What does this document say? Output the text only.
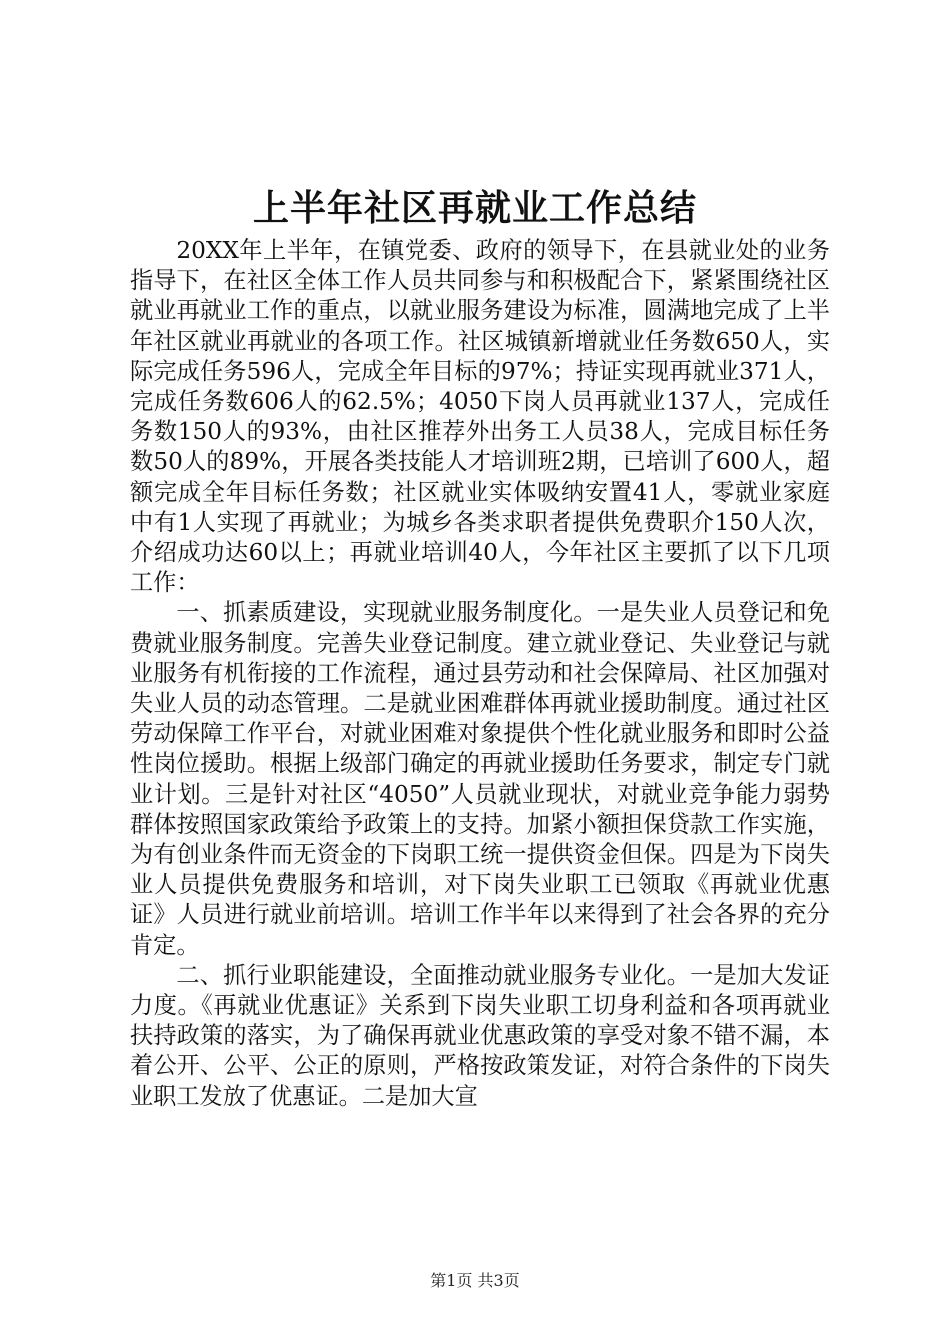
上半年社区再就业工作总结

20XX年上半年，在镇党委、政府的领导下，在县就业处的业务指导下，在社区全体工作人员共同参与和积极配合下，紧紧围绕社区就业再就业工作的重点，以就业服务建设为标准，圆满地完成了上半年社区就业再就业的各项工作。社区城镇新增就业任务数650人，实际完成任务596人，完成全年目标的97%；持证实现再就业371人，完成任务数606人的62.5%；4050下岗人员再就业137人，完成任务数150人的93%，由社区推荐外出务工人员38人，完成目标任务数50人的89%，开展各类技能人才培训班2期，已培训了600人，超额完成全年目标任务数；社区就业实体吸纳安置41人，零就业家庭中有1人实现了再就业；为城乡各类求职者提供免费职介150人次，介绍成功达60以上；再就业培训40人，今年社区主要抓了以下几项工作：

一、抓素质建设，实现就业服务制度化。一是失业人员登记和免费就业服务制度。完善失业登记制度。建立就业登记、失业登记与就业服务有机衔接的工作流程，通过县劳动和社会保障局、社区加强对失业人员的动态管理。二是就业困难群体再就业援助制度。通过社区劳动保障工作平台，对就业困难对象提供个性化就业服务和即时公益性岗位援助。根据上级部门确定的再就业援助任务要求，制定专门就业计划。三是针对社区“4050”人员就业现状，对就业竞争能力弱势群体按照国家政策给予政策上的支持。加紧小额担保贷款工作实施，为有创业条件而无资金的下岗职工统一提供资金但保。四是为下岗失业人员提供免费服务和培训，对下岗失业职工已领取《再就业优惠证》人员进行就业前培训。培训工作半年以来得到了社会各界的充分肯定。

二、抓行业职能建设，全面推动就业服务专业化。一是加大发证力度。《再就业优惠证》关系到下岗失业职工切身利益和各项再就业扶持政策的落实，为了确保再就业优惠政策的享受对象不错不漏，本着公开、公平、公正的原则，严格按政策发证，对符合条件的下岗失业职工发放了优惠证。二是加大宣

第1页 共3页
